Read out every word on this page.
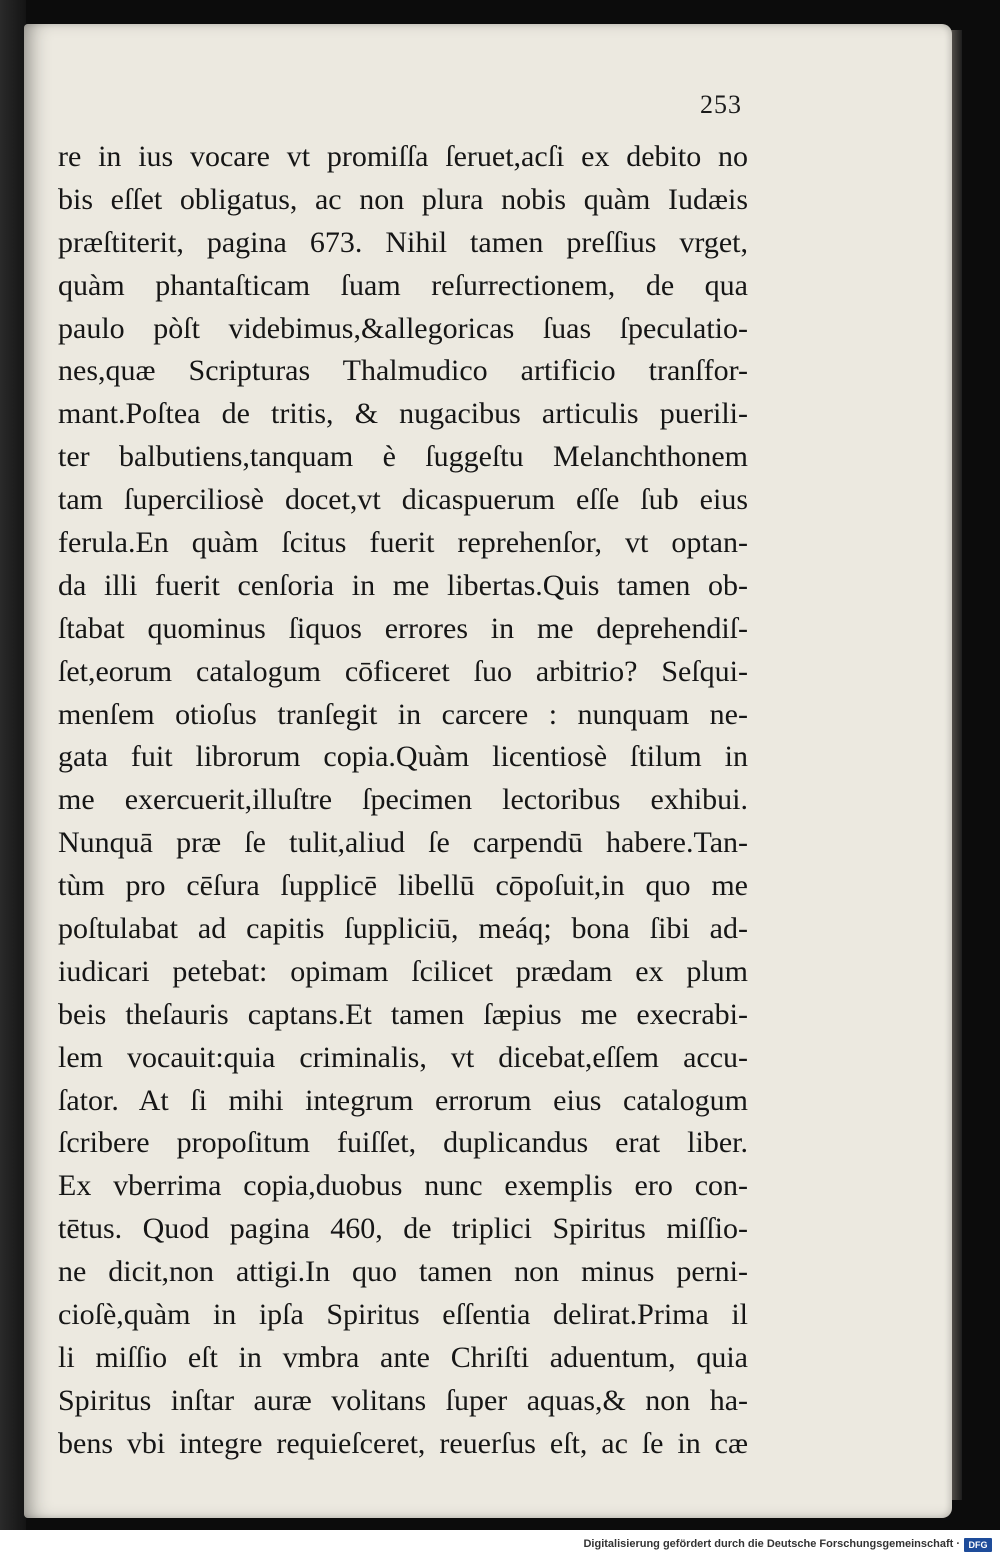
253
re in ius vocare vt promiſſa ſeruet,acſi ex debito no
bis eſſet obligatus, ac non plura nobis quàm Iudæis
præſtiterit, pagina 673. Nihil tamen preſſius vrget,
quàm phantaſticam ſuam reſurrectionem, de qua
paulo pòſt videbimus,&allegoricas ſuas ſpeculatio-
nes,quæ Scripturas Thalmudico artificio tranſfor-
mant.Poſtea de tritis, & nugacibus articulis puerili-
ter balbutiens,tanquam è ſuggeſtu Melanchthonem
tam ſuperciliosè docet,vt dicaspuerum eſſe ſub eius
ferula.En quàm ſcitus fuerit reprehenſor, vt optan-
da illi fuerit cenſoria in me libertas.Quis tamen ob-
ſtabat quominus ſiquos errores in me deprehendiſ-
ſet,eorum catalogum cōficeret ſuo arbitrio? Seſqui-
menſem otioſus tranſegit in carcere : nunquam ne-
gata fuit librorum copia.Quàm licentiosè ſtilum in
me exercuerit,illuſtre ſpecimen lectoribus exhibui.
Nunquā præ ſe tulit,aliud ſe carpendū habere.Tan-
tùm pro cēſura ſupplicē libellū cōpoſuit,in quo me
poſtulabat ad capitis ſuppliciū, meáq; bona ſibi ad-
iudicari petebat: opimam ſcilicet prædam ex plum
beis theſauris captans.Et tamen ſæpius me execrabi-
lem vocauit:quia criminalis, vt dicebat,eſſem accu-
ſator. At ſi mihi integrum errorum eius catalogum
ſcribere propoſitum fuiſſet, duplicandus erat liber.
Ex vberrima copia,duobus nunc exemplis ero con-
tētus. Quod pagina 460, de triplici Spiritus miſſio-
ne dicit,non attigi.In quo tamen non minus perni-
cioſè,quàm in ipſa Spiritus eſſentia delirat.Prima il
li miſſio eſt in vmbra ante Chriſti aduentum, quia
Spiritus inſtar auræ volitans ſuper aquas,& non ha-
bens vbi integre requieſceret, reuerſus eſt, ac ſe in cæ
Digitalisierung gefördert durch die Deutsche Forschungsgemeinschaft · DFG
